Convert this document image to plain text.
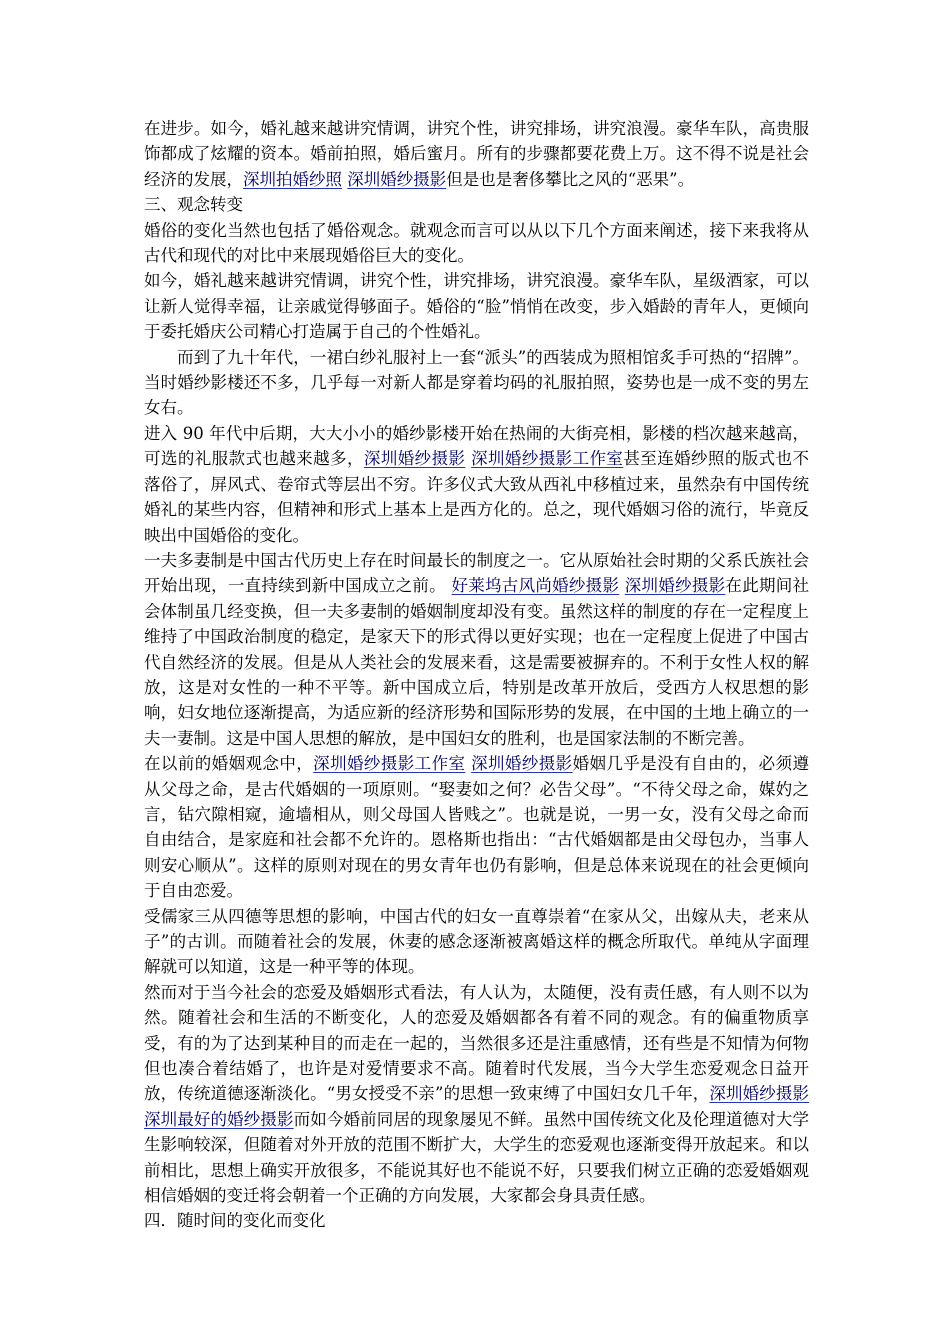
在进步。如今，婚礼越来越讲究情调，讲究个性，讲究排场，讲究浪漫。豪华车队，高贵服饰都成了炫耀的资本。婚前拍照，婚后蜜月。所有的步骤都要花费上万。这不得不说是社会经济的发展，深圳拍婚纱照 深圳婚纱摄影但是也是奢侈攀比之风的“恶果”。

三、观念转变

婚俗的变化当然也包括了婚俗观念。就观念而言可以从以下几个方面来阐述，接下来我将从古代和现代的对比中来展现婚俗巨大的变化。

如今，婚礼越来越讲究情调，讲究个性，讲究排场，讲究浪漫。豪华车队，星级酒家，可以让新人觉得幸福，让亲戚觉得够面子。婚俗的“脸”悄悄在改变，步入婚龄的青年人，更倾向于委托婚庆公司精心打造属于自己的个性婚礼。

而到了九十年代，一裙白纱礼服衬上一套“派头”的西装成为照相馆炙手可热的“招牌”。当时婚纱影楼还不多，几乎每一对新人都是穿着均码的礼服拍照，姿势也是一成不变的男左女右。

进入 90 年代中后期，大大小小的婚纱影楼开始在热闹的大街亮相，影楼的档次越来越高，可选的礼服款式也越来越多，深圳婚纱摄影 深圳婚纱摄影工作室甚至连婚纱照的版式也不落俗了，屏风式、卷帘式等层出不穷。许多仪式大致从西礼中移植过来，虽然杂有中国传统婚礼的某些内容，但精神和形式上基本上是西方化的。总之，现代婚姻习俗的流行，毕竟反映出中国婚俗的变化。

一夫多妻制是中国古代历史上存在时间最长的制度之一。它从原始社会时期的父系氏族社会开始出现，一直持续到新中国成立之前。 好莱坞古风尚婚纱摄影 深圳婚纱摄影在此期间社会体制虽几经变换，但一夫多妻制的婚姻制度却没有变。虽然这样的制度的存在一定程度上维持了中国政治制度的稳定，是家天下的形式得以更好实现；也在一定程度上促进了中国古代自然经济的发展。但是从人类社会的发展来看，这是需要被摒弃的。不利于女性人权的解放，这是对女性的一种不平等。新中国成立后，特别是改革开放后，受西方人权思想的影响，妇女地位逐渐提高，为适应新的经济形势和国际形势的发展，在中国的土地上确立的一夫一妻制。这是中国人思想的解放，是中国妇女的胜利，也是国家法制的不断完善。

在以前的婚姻观念中，深圳婚纱摄影工作室 深圳婚纱摄影婚姻几乎是没有自由的，必须遵从父母之命，是古代婚姻的一项原则。“娶妻如之何？必告父母”。“不待父母之命，媒妁之言，钻穴隙相窥，逾墙相从，则父母国人皆贱之”。也就是说，一男一女，没有父母之命而自由结合，是家庭和社会都不允许的。恩格斯也指出：“古代婚姻都是由父母包办，当事人则安心顺从”。这样的原则对现在的男女青年也仍有影响，但是总体来说现在的社会更倾向于自由恋爱。

受儒家三从四德等思想的影响，中国古代的妇女一直尊崇着“在家从父，出嫁从夫，老来从子”的古训。而随着社会的发展，休妻的感念逐渐被离婚这样的概念所取代。单纯从字面理解就可以知道，这是一种平等的体现。

然而对于当今社会的恋爱及婚姻形式看法，有人认为，太随便，没有责任感，有人则不以为然。随着社会和生活的不断变化，人的恋爱及婚姻都各有着不同的观念。有的偏重物质享受，有的为了达到某种目的而走在一起的，当然很多还是注重感情，还有些是不知情为何物但也凑合着结婚了，也许是对爱情要求不高。随着时代发展，当今大学生恋爱观念日益开放，传统道德逐渐淡化。“男女授受不亲”的思想一致束缚了中国妇女几千年，深圳婚纱摄影 深圳最好的婚纱摄影而如今婚前同居的现象屡见不鲜。虽然中国传统文化及伦理道德对大学生影响较深，但随着对外开放的范围不断扩大，大学生的恋爱观也逐渐变得开放起来。和以前相比，思想上确实开放很多，不能说其好也不能说不好，只要我们树立正确的恋爱婚姻观相信婚姻的变迁将会朝着一个正确的方向发展，大家都会身具责任感。

四．随时间的变化而变化
